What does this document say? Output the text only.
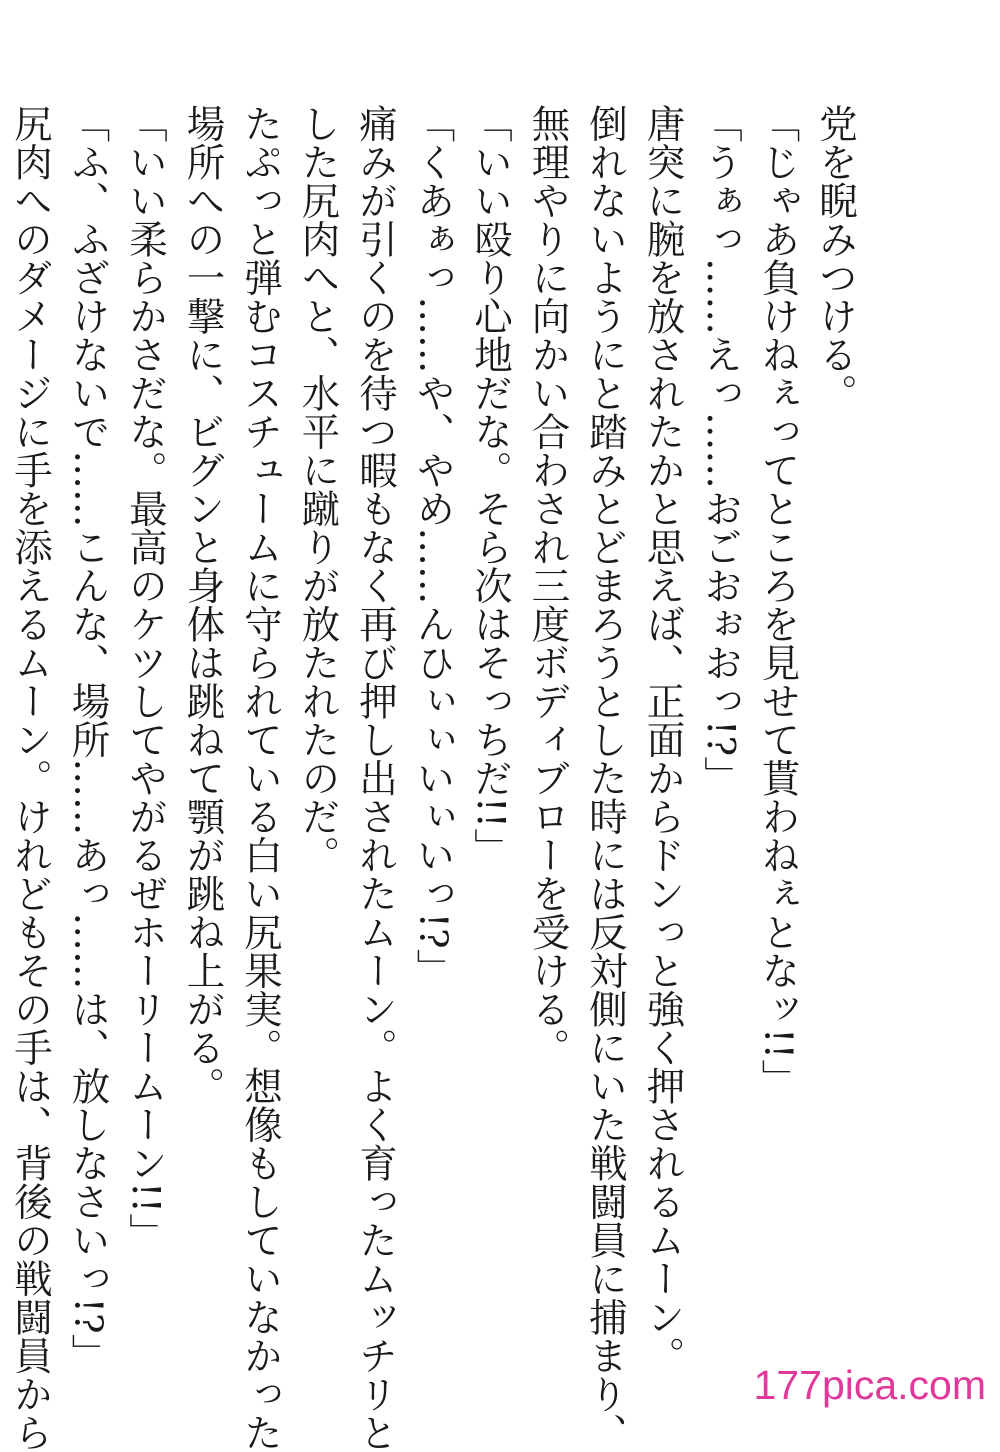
党を睨みつける。
「じゃあ負けねぇってところを見せて貰わねぇとなッ!!」
「うぁっ……えっ……おごおぉおっ!?」
唐突に腕を放されたかと思えば、正面からドンっと強く押されるムーン。
倒れないようにと踏みとどまろうとした時には反対側にいた戦闘員に捕まり、
無理やりに向かい合わされ三度ボディブローを受ける。
「いい殴り心地だな。そら次はそっちだ!!」
「くあぁっ……や、やめ……んひぃぃいぃいっ!?」
痛みが引くのを待つ暇もなく再び押し出されたムーン。よく育ったムッチリと
した尻肉へと、水平に蹴りが放たれたのだ。
たぷっと弾むコスチュームに守られている白い尻果実。想像もしていなかった
場所への一撃に、ビグンと身体は跳ねて顎が跳ね上がる。
「いい柔らかさだな。最高のケツしてやがるぜホーリームーン!!」
「ふ、ふざけないで……こんな、場所……あっ……は、放しなさいっ!?」
尻肉へのダメージに手を添えるムーン。けれどもその手は、背後の戦闘員から	177pica.com
